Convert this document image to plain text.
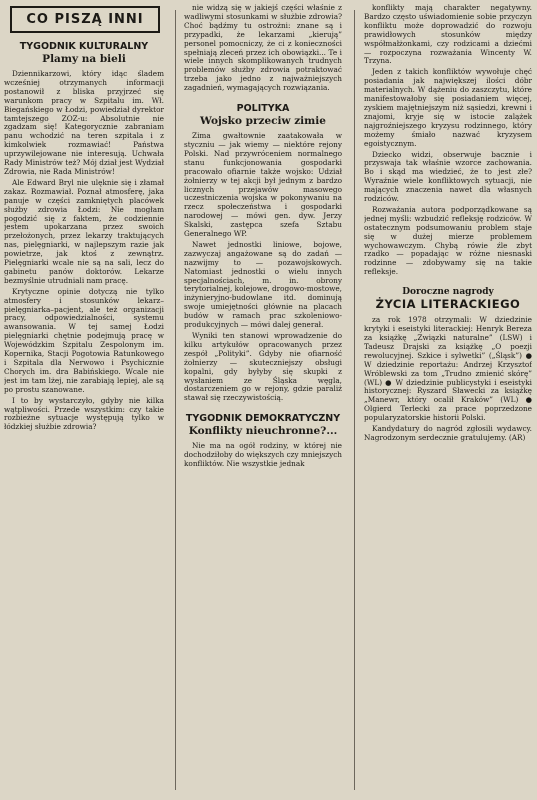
CO PISZĄ INNI
TYGODNIK KULTURALNY
Plamy na bieli

Dziennikarzowi, który idąc śladem wcześniej otrzymanych informacji postanowił z bliska przyjrzeć się warunkom pracy w Szpitalu im. Wł. Biegańskiego w Łodzi, powiedział dyrektor tamtejszego ZOZ-u: Absolutnie nie zgadzam się! Kategorycznie zabraniam panu wchodzić na teren szpitala i z kimkolwiek rozmawiać! Państwa uprzywilejowane nie interesują. Uchwała Rady Ministrów też? Mój dział jest Wydział Zdrowia, nie Rada Ministrów!

Ale Edward Bryl nie ulęknie się i złamał zakaz. Rozmawiał. Poznał atmosferę, jaka panuje w części zamkniętych placówek służby zdrowia Łodzi: Nie mogłam pogodzić się z faktem, że codziennie jestem upokarzana przez swoich przełożonych, przez lekarzy traktujących nas, pielęgniarki, w najlepszym razie jak powietrze, jak ktoś z zewnątrz. Pielęgniarki wcale nie są na sali, lecz do gabinetu panów doktorów. Lekarze bezmyślnie utrudniali nam pracę.

Krytyczne opinie dotyczą nie tylko atmosfery i stosunków lekarz–pielęgniarka–pacjent, ale też organizacji pracy, odpowiedzialności, systemu awansowania. W tej samej Łodzi pielęgniarki chętnie podejmują pracę w Wojewódzkim Szpitalu Zespolonym im. Kopernika, Stacji Pogotowia Ratunkowego i Szpitala dla Nerwowo i Psychicznie Chorych im. dra Babińskiego. Wcale nie jest im tam lżej, nie zarabiają lepiej, ale są po prostu szanowane.

I to by wystarczyło, gdyby nie kilka wątpliwości. Przede wszystkim: czy takie rozbieżne sytuacje występują tylko w łódzkiej służbie zdrowia?

nie widzą się w jakiejś części właśnie z wadliwymi stosunkami w służbie zdrowia? Choć bądźmy tu ostrożni: znane są i przypadki, że lekarzami „kierują” personel pomocniczy, że ci z konieczności spełniają zleceń przez ich obowiązki... Te i wiele innych skomplikowanych trudnych problemów służby zdrowia potraktować trzeba jako jedno z najważniejszych zagadnień, wymagających rozwiązania.

POLITYKA
Wojsko przeciw zimie

Zima gwałtownie zaatakowała w styczniu — jak wiemy — niektóre rejony Polski. Nad przywróceniem normalnego stanu funkcjonowania gospodarki pracowało ofiarnie także wojsko: Udział żołnierzy w tej akcji był jednym z bardzo licznych przejawów masowego uczestniczenia wojska w pokonywaniu na rzecz społeczeństwa i gospodarki narodowej — mówi gen. dyw. Jerzy Skalski, zastępca szefa Sztabu Generalnego WP.

Nawet jednostki liniowe, bojowe, zazwyczaj angażowane są do zadań — nazwijmy to — pozawojskowych. Natomiast jednostki o wielu innych specjalnościach, m. in. obrony terytorialnej, kolejowe, drogowo-mostowe, inżynieryjno-budowlane itd. dominują swoje umiejętności głównie na placach budów w ramach prac szkoleniowo-produkcyjnych — mówi dalej generał.

Wyniki ten stanowi wprowadzenie do kilku artykułów opracowanych przez zespół „Polityki”. Gdyby nie ofiarność żołnierzy — skuteczniejszy obsługi kopalni, gdy byłyby się skupki z wysłaniem ze Śląska węgla, dostarczeniem go w rejony, gdzie paraliż stawał się rzeczywistością.

TYGODNIK DEMOKRATYCZNY
Konflikty nieuchronne?...

Nie ma na ogół rodziny, w której nie dochodziłoby do większych czy mniejszych konfliktów. Nie wszystkie jednak

konflikty mają charakter negatywny. Bardzo często uświadomienie sobie przyczyn konfliktu może doprowadzić do rozwoju prawidłowych stosunków między współmałżonkami, czy rodzicami a dziećmi — rozpoczyna rozważania Wincenty W. Trzyna.

Jeden z takich konfliktów wywołuje chęć posiadania jak największej ilości dóbr materialnych. W dążeniu do zaszczytu, które manifestowałoby się posiadaniem więcej, zyskiem majętniejszym niż sąsiedzi, krewni i znajomi, kryje się w istocie zalążek najgroźniejszego kryzysu rodzinnego, który możemy śmiało nazwać kryzysem egoistycznym.

Dziecko widzi, obserwuje bacznie i przyswaja tak właśnie wzorce zachowania. Bo i skąd ma wiedzieć, że to jest złe? Wyraźnie wiele konfliktowych sytuacji, nie mających znaczenia nawet dla własnych rodziców.

Rozważania autora podporządkowane są jednej myśli: wzbudzić refleksję rodziców. W ostatecznym podsumowaniu problem staje się w dużej mierze problemem wychowawczym. Chybą rówie źle zbyt rzadko — popadając w różne niesnaski rodzinne — zdobywamy się na takie refleksje.

Doroczne nagrody
ŻYCIA LITERACKIEGO

za rok 1978 otrzymali: W dziedzinie krytyki i eseistyki literackiej: Henryk Bereza za książkę „Związki naturalne” (LSW) i Tadeusz Drajski za książkę „O poezji rewolucyjnej. Szkice i sylwetki” („Śląsk”) ● W dziedzinie reportażu: Andrzej Krzysztof Wróblewski za tom „Trudno zmienić skórę” (WL) ● W dziedzinie publicystyki i eseistyki historycznej: Ryszard Sławecki za książkę „Manewr, który ocalił Kraków” (WL) ● Olgierd Terlecki za prace poprzedzone popularyzatorskie historii Polski.

Kandydatury do nagród zgłosili wydawcy. Nagrodzonym serdecznie gratulujemy. (AR)
